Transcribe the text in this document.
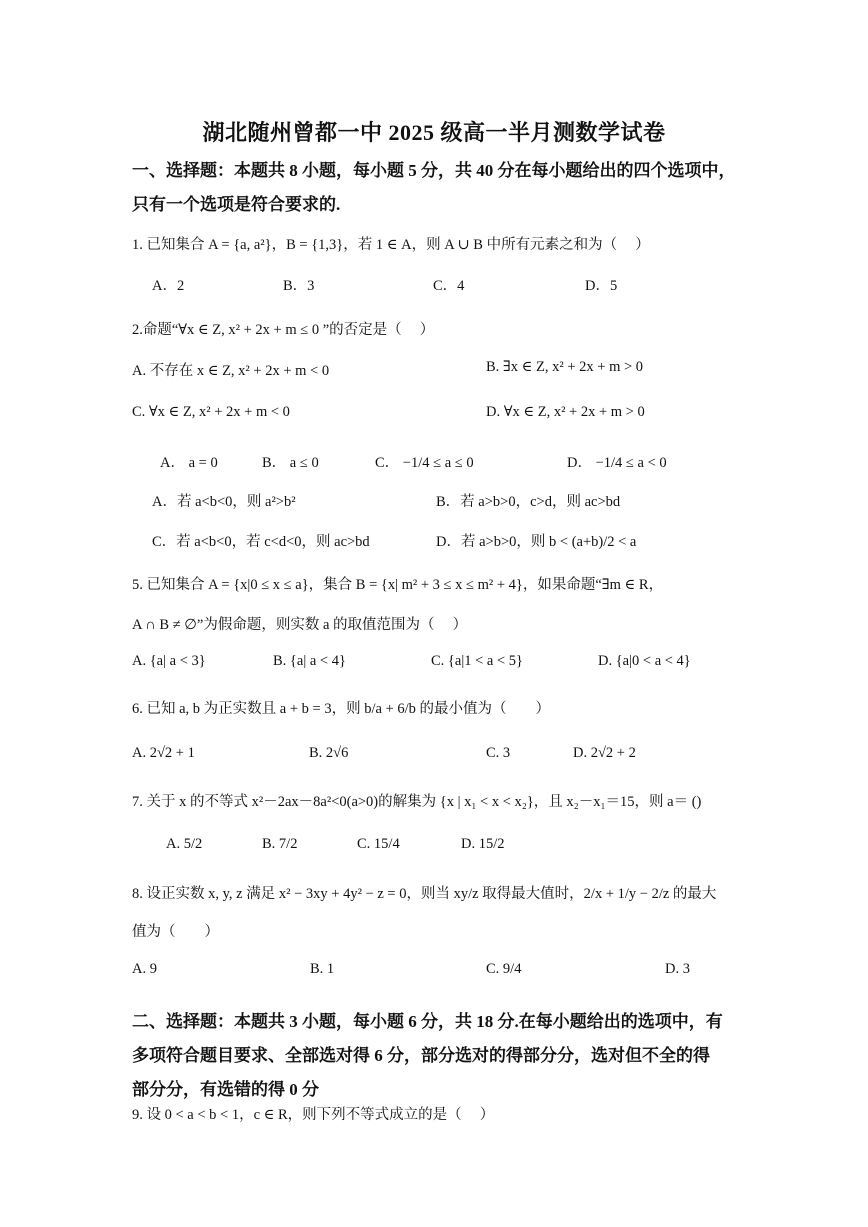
湖北随州曾都一中 2025 级高一半月测数学试卷
一、选择题：本题共 8 小题，每小题 5 分，共 40 分在每小题给出的四个选项中，
只有一个选项是符合要求的.
1. 已知集合 A = {a, a²}，B = {1,3}，若 1 ∈ A，则 A ∪ B 中所有元素之和为（　 ）
A．2	B．3	C．4	D．5
2.命题“∀x ∈ Z, x² + 2x + m ≤ 0 ”的否定是（　 ）
A. 不存在 x ∈ Z, x² + 2x + m < 0	B. ∃x ∈ Z, x² + 2x + m > 0
C. ∀x ∈ Z, x² + 2x + m < 0	D. ∀x ∈ Z, x² + 2x + m > 0
A． a = 0	B． a ≤ 0	C． −1/4 ≤ a ≤ 0	D． −1/4 ≤ a < 0
A．若 a<b<0，则 a²>b²	B．若 a>b>0，c>d，则 ac>bd
C．若 a<b<0，若 c<d<0，则 ac>bd	D．若 a>b>0，则 b < (a+b)/2 < a
5. 已知集合 A = {x|0 ≤ x ≤ a}，集合 B = {x| m² + 3 ≤ x ≤ m² + 4}，如果命题“∃m ∈ R，
A ∩ B ≠ ∅”为假命题，则实数 a 的取值范围为（　 ）
A. {a| a < 3}	B. {a| a < 4}	C. {a|1 < a < 5}	D. {a|0 < a < 4}
6. 已知 a, b 为正实数且 a + b = 3，则 b/a + 6/b 的最小值为（　　）
A. 2√2 + 1	B. 2√6	C. 3	D. 2√2 + 2
7. 关于 x 的不等式 x²－2ax－8a²<0(a>0)的解集为 {x | x₁ < x < x₂}，且 x₂－x₁＝15，则 a＝ ()
A. 5/2	B. 7/2	C. 15/4	D. 15/2
8. 设正实数 x, y, z 满足 x² − 3xy + 4y² − z = 0，则当 xy/z 取得最大值时，2/x + 1/y − 2/z 的最大
值为（　　）
A. 9	B. 1	C. 9/4	D. 3
二、选择题：本题共 3 小题，每小题 6 分，共 18 分.在每小题给出的选项中，有
多项符合题目要求、全部选对得 6 分，部分选对的得部分分，选对但不全的得
部分分，有选错的得 0 分
9. 设 0 < a < b < 1，c ∈ R，则下列不等式成立的是（　 ）
